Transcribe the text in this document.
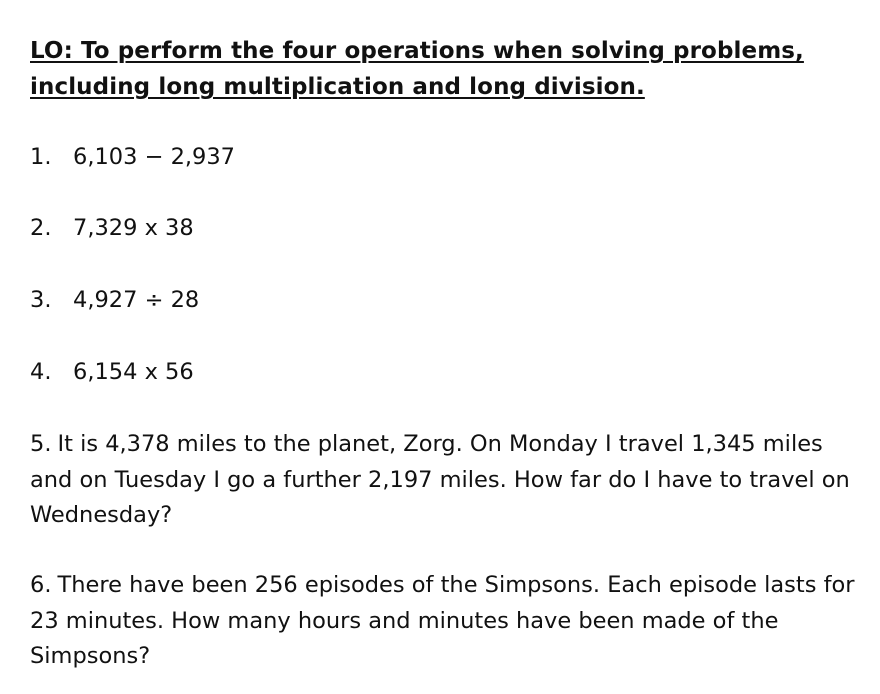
LO: To perform the four operations when solving problems, including long multiplication and long division.

1. 6,103 − 2,937

2. 7,329 x 38

3. 4,927 ÷ 28

4. 6,154 x 56

5. It is 4,378 miles to the planet, Zorg. On Monday I travel 1,345 miles and on Tuesday I go a further 2,197 miles. How far do I have to travel on Wednesday?

6. There have been 256 episodes of the Simpsons. Each episode lasts for 23 minutes. How many hours and minutes have been made of the Simpsons?
